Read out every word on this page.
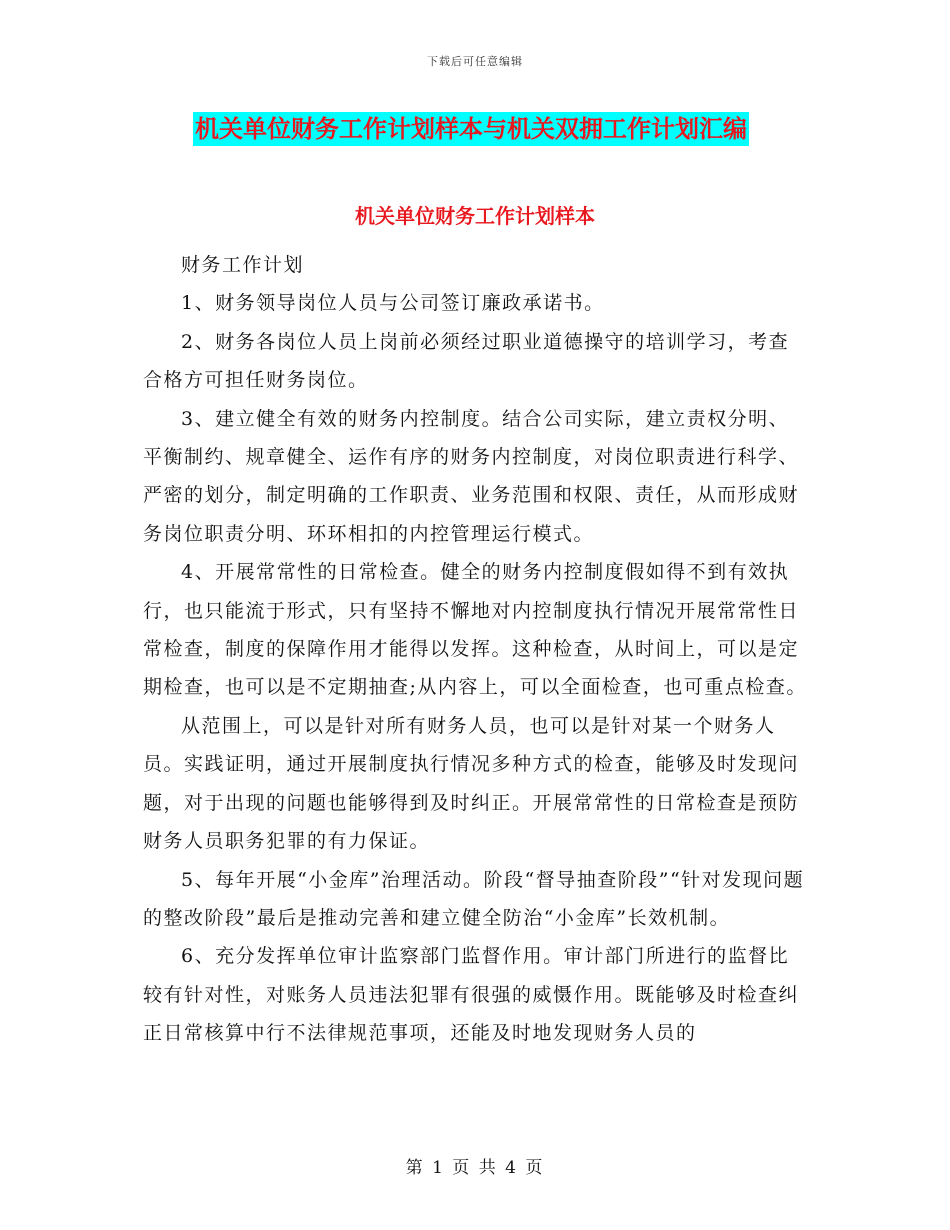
下载后可任意编辑
机关单位财务工作计划样本与机关双拥工作计划汇编
机关单位财务工作计划样本

财务工作计划

1、财务领导岗位人员与公司签订廉政承诺书。

2、财务各岗位人员上岗前必须经过职业道德操守的培训学习，考查合格方可担任财务岗位。

3、建立健全有效的财务内控制度。结合公司实际，建立责权分明、平衡制约、规章健全、运作有序的财务内控制度，对岗位职责进行科学、严密的划分，制定明确的工作职责、业务范围和权限、责任，从而形成财务岗位职责分明、环环相扣的内控管理运行模式。

4、开展常常性的日常检查。健全的财务内控制度假如得不到有效执行，也只能流于形式，只有坚持不懈地对内控制度执行情况开展常常性日常检查，制度的保障作用才能得以发挥。这种检查，从时间上，可以是定期检查，也可以是不定期抽查;从内容上，可以全面检查，也可重点检查。

从范围上，可以是针对所有财务人员，也可以是针对某一个财务人员。实践证明，通过开展制度执行情况多种方式的检查，能够及时发现问题，对于出现的问题也能够得到及时纠正。开展常常性的日常检查是预防财务人员职务犯罪的有力保证。

5、每年开展“小金库”治理活动。阶段“督导抽查阶段”“针对发现问题的整改阶段”最后是推动完善和建立健全防治“小金库”长效机制。

6、充分发挥单位审计监察部门监督作用。审计部门所进行的监督比较有针对性，对账务人员违法犯罪有很强的威慑作用。既能够及时检查纠正日常核算中行不法律规范事项，还能及时地发现财务人员的

第 1 页 共 4 页
